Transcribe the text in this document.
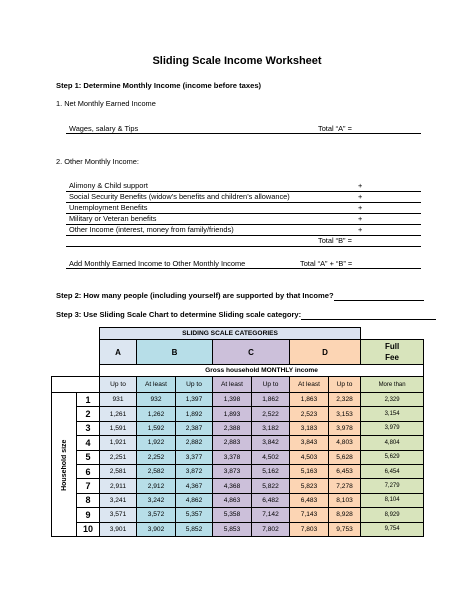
Sliding Scale Income Worksheet
Step 1: Determine Monthly Income (income before taxes)
1. Net Monthly Earned Income
Wages, salary & Tips	Total “A” =
2. Other Monthly Income:
Alimony & Child support	+
Social Security Benefits (widow’s benefits and children’s allowance)	+
Unemployment Benefits	+
Military or Veteran benefits	+
Other Income (interest, money from family/friends)	+
Total “B” =
Add Monthly Earned Income to Other Monthly Income	Total “A” + “B” =
Step 2: How many people (including yourself) are supported by that Income?
Step 3: Use Sliding Scale Chart to determine Sliding scale category:
		SLIDING SCALE CATEGORIES							
		A	B		C		D		Full
Fee
		Gross household MONTHLY income							
		Up to	At least	Up to	At least	Up to	At least	Up to	More than
Household size	1	931	932	1,397	1,398	1,862	1,863	2,328	2,329
	2	1,261	1,262	1,892	1,893	2,522	2,523	3,153	3,154
	3	1,591	1,592	2,387	2,388	3,182	3,183	3,978	3,979
	4	1,921	1,922	2,882	2,883	3,842	3,843	4,803	4,804
	5	2,251	2,252	3,377	3,378	4,502	4,503	5,628	5,629
	6	2,581	2,582	3,872	3,873	5,162	5,163	6,453	6,454
	7	2,911	2,912	4,367	4,368	5,822	5,823	7,278	7,279
	8	3,241	3,242	4,862	4,863	6,482	6,483	8,103	8,104
	9	3,571	3,572	5,357	5,358	7,142	7,143	8,928	8,929
	10	3,901	3,902	5,852	5,853	7,802	7,803	9,753	9,754
